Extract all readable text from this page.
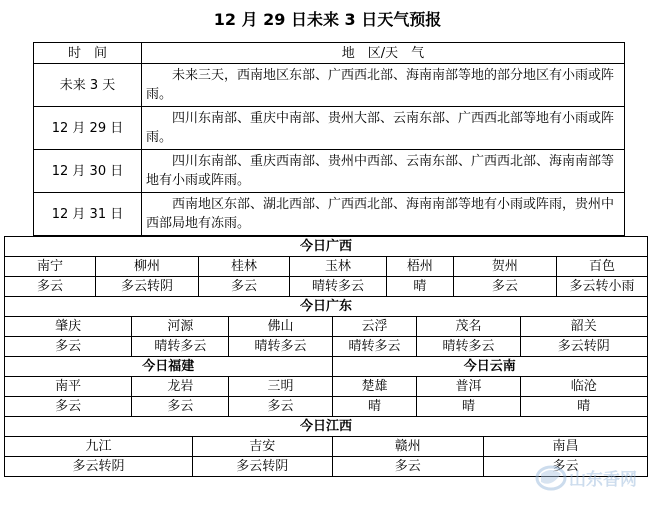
12 月 29 日未来 3 日天气预报
时　间	地　区/天　气
未来 3 天	未来三天，西南地区东部、广西西北部、海南南部等地的部分地区有小雨或阵雨。
12 月 29 日	四川东南部、重庆中南部、贵州大部、云南东部、广西西北部等地有小雨或阵雨。
12 月 30 日	四川东南部、重庆西南部、贵州中西部、云南东部、广西西北部、海南南部等地有小雨或阵雨。
12 月 31 日	西南地区东部、湖北西部、广西西北部、海南南部等地有小雨或阵雨，贵州中西部局地有冻雨。
今日广西													
南宁	柳州			桂林		玉林		梧州		贺州			百色
多云	多云转阴			多云		晴转多云		晴		多云			多云转小雨
今日广东													
肇庆		河源			佛山		云浮		茂名			韶关	
多云		晴转多云			晴转多云		晴转多云		晴转多云			多云转阴	
今日福建							今日云南						
南平		龙岩			三明		楚雄		普洱			临沧	
多云		多云			多云		晴		晴			晴	
今日江西													
九江			吉安				赣州				南昌		
多云转阴			多云转阴				多云				多云		
山东香网
